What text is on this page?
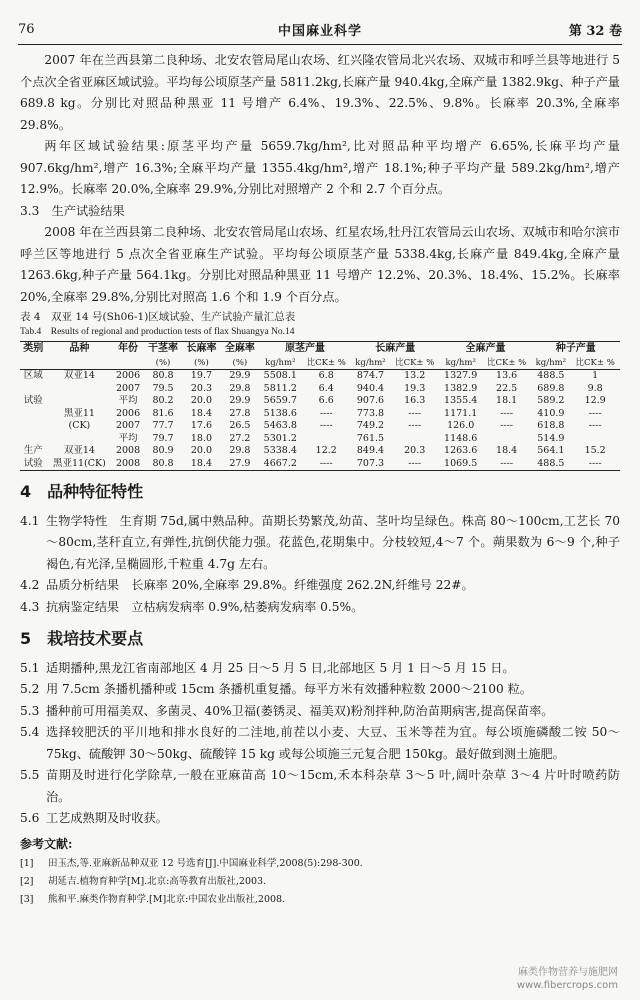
76	中国麻业科学	第 32 卷

2007 年在兰西县第二良种场、北安农管局尾山农场、红兴隆农管局北兴农场、双城市和呼兰县等地进行 5 个点次全省亚麻区域试验。平均每公顷原茎产量 5811.2kg,长麻产量 940.4kg,全麻产量 1382.9kg、种子产量 689.8 kg。分别比对照品种黑亚 11 号增产 6.4%、19.3%、22.5%、9.8%。长麻率 20.3%,全麻率 29.8%。

两年区域试验结果:原茎平均产量 5659.7kg/hm²,比对照品种平均增产 6.65%,长麻平均产量 907.6kg/hm²,增产 16.3%;全麻平均产量 1355.4kg/hm²,增产 18.1%;种子平均产量 589.2kg/hm²,增产 12.9%。长麻率 20.0%,全麻率 29.9%,分别比对照增产 2 个和 2.7 个百分点。

3.3　生产试验结果

2008 年在兰西县第二良种场、北安农管局尾山农场、红星农场,牡丹江农管局云山农场、双城市和哈尔滨市呼兰区等地进行 5 点次全省亚麻生产试验。平均每公顷原茎产量 5338.4kg,长麻产量 849.4kg,全麻产量 1263.6kg,种子产量 564.1kg。分别比对照品种黑亚 11 号增产 12.2%、20.3%、18.4%、15.2%。长麻率 20%,全麻率 29.8%,分别比对照高 1.6 个和 1.9 个百分点。

表 4　双亚 14 号(Sh06-1)区域试验、生产试验产量汇总表
Tab.4　Results of regional and production tests of flax Shuangya No.14
类别	品种	年份	干茎率	长麻率	全麻率	原茎产量		长麻产量		全麻产量		种子产量	
			(%)	(%)	(%)	kg/hm²	比CK± %	kg/hm²	比CK± %	kg/hm²	比CK± %	kg/hm²	比CK± %
区域	双亚14	2006	80.8	19.7	29.9	5508.1	6.8	874.7	13.2	1327.9	13.6	488.5	1
		2007	79.5	20.3	29.8	5811.2	6.4	940.4	19.3	1382.9	22.5	689.8	9.8
试验		平均	80.2	20.0	29.9	5659.7	6.6	907.6	16.3	1355.4	18.1	589.2	12.9
	黑亚11	2006	81.6	18.4	27.8	5138.6	----	773.8	----	1171.1	----	410.9	----
	(CK)	2007	77.7	17.6	26.5	5463.8	----	749.2	----	126.0	----	618.8	----
		平均	79.7	18.0	27.2	5301.2		761.5		1148.6		514.9	
生产	双亚14	2008	80.9	20.0	29.8	5338.4	12.2	849.4	20.3	1263.6	18.4	564.1	15.2
试验	黑亚11(CK)	2008	80.8	18.4	27.9	4667.2	----	707.3	----	1069.5	----	488.5	----
4　品种特征特性
4.1 生物学特性　生育期 75d,属中熟品种。苗期长势繁茂,幼苗、茎叶均呈绿色。株高 80～100cm,工艺长 70～80cm,茎秆直立,有弹性,抗倒伏能力强。花蓝色,花期集中。分枝较短,4～7 个。蒴果数为 6～9 个,种子褐色,有光泽,呈椭圆形,千粒重 4.7g 左右。
4.2 品质分析结果　长麻率 20%,全麻率 29.8%。纤维强度 262.2N,纤维号 22#。
4.3 抗病鉴定结果　立枯病发病率 0.9%,枯萎病发病率 0.5%。
5　栽培技术要点
5.1 适期播种,黑龙江省南部地区 4 月 25 日～5 月 5 日,北部地区 5 月 1 日～5 月 15 日。
5.2 用 7.5cm 条播机播种或 15cm 条播机重复播。每平方米有效播种粒数 2000～2100 粒。
5.3 播种前可用福美双、多菌灵、40%卫福(萎锈灵、福美双)粉剂拌种,防治苗期病害,提高保苗率。
5.4 选择较肥沃的平川地和排水良好的二洼地,前茬以小麦、大豆、玉米等茬为宜。每公顷施磷酸二铵 50～75kg、硫酸钾 30～50kg、硫酸锌 15 kg 或每公顷施三元复合肥 150kg。最好做到测土施肥。
5.5 苗期及时进行化学除草,一般在亚麻苗高 10～15cm,禾本科杂草 3～5 叶,阔叶杂草 3～4 片叶时喷药防治。
5.6 工艺成熟期及时收获。
参考文献:
[1]	田玉杰,等.亚麻新品种双亚 12 号选育[J].中国麻业科学,2008(5):298-300.
[2]	胡延吉.植物育种学[M].北京:高等教育出版社,2003.
[3]	熊和平.麻类作物育种学.[M]北京:中国农业出版社,2008.
麻类作物营养与施肥网
www.fibercrops.com
